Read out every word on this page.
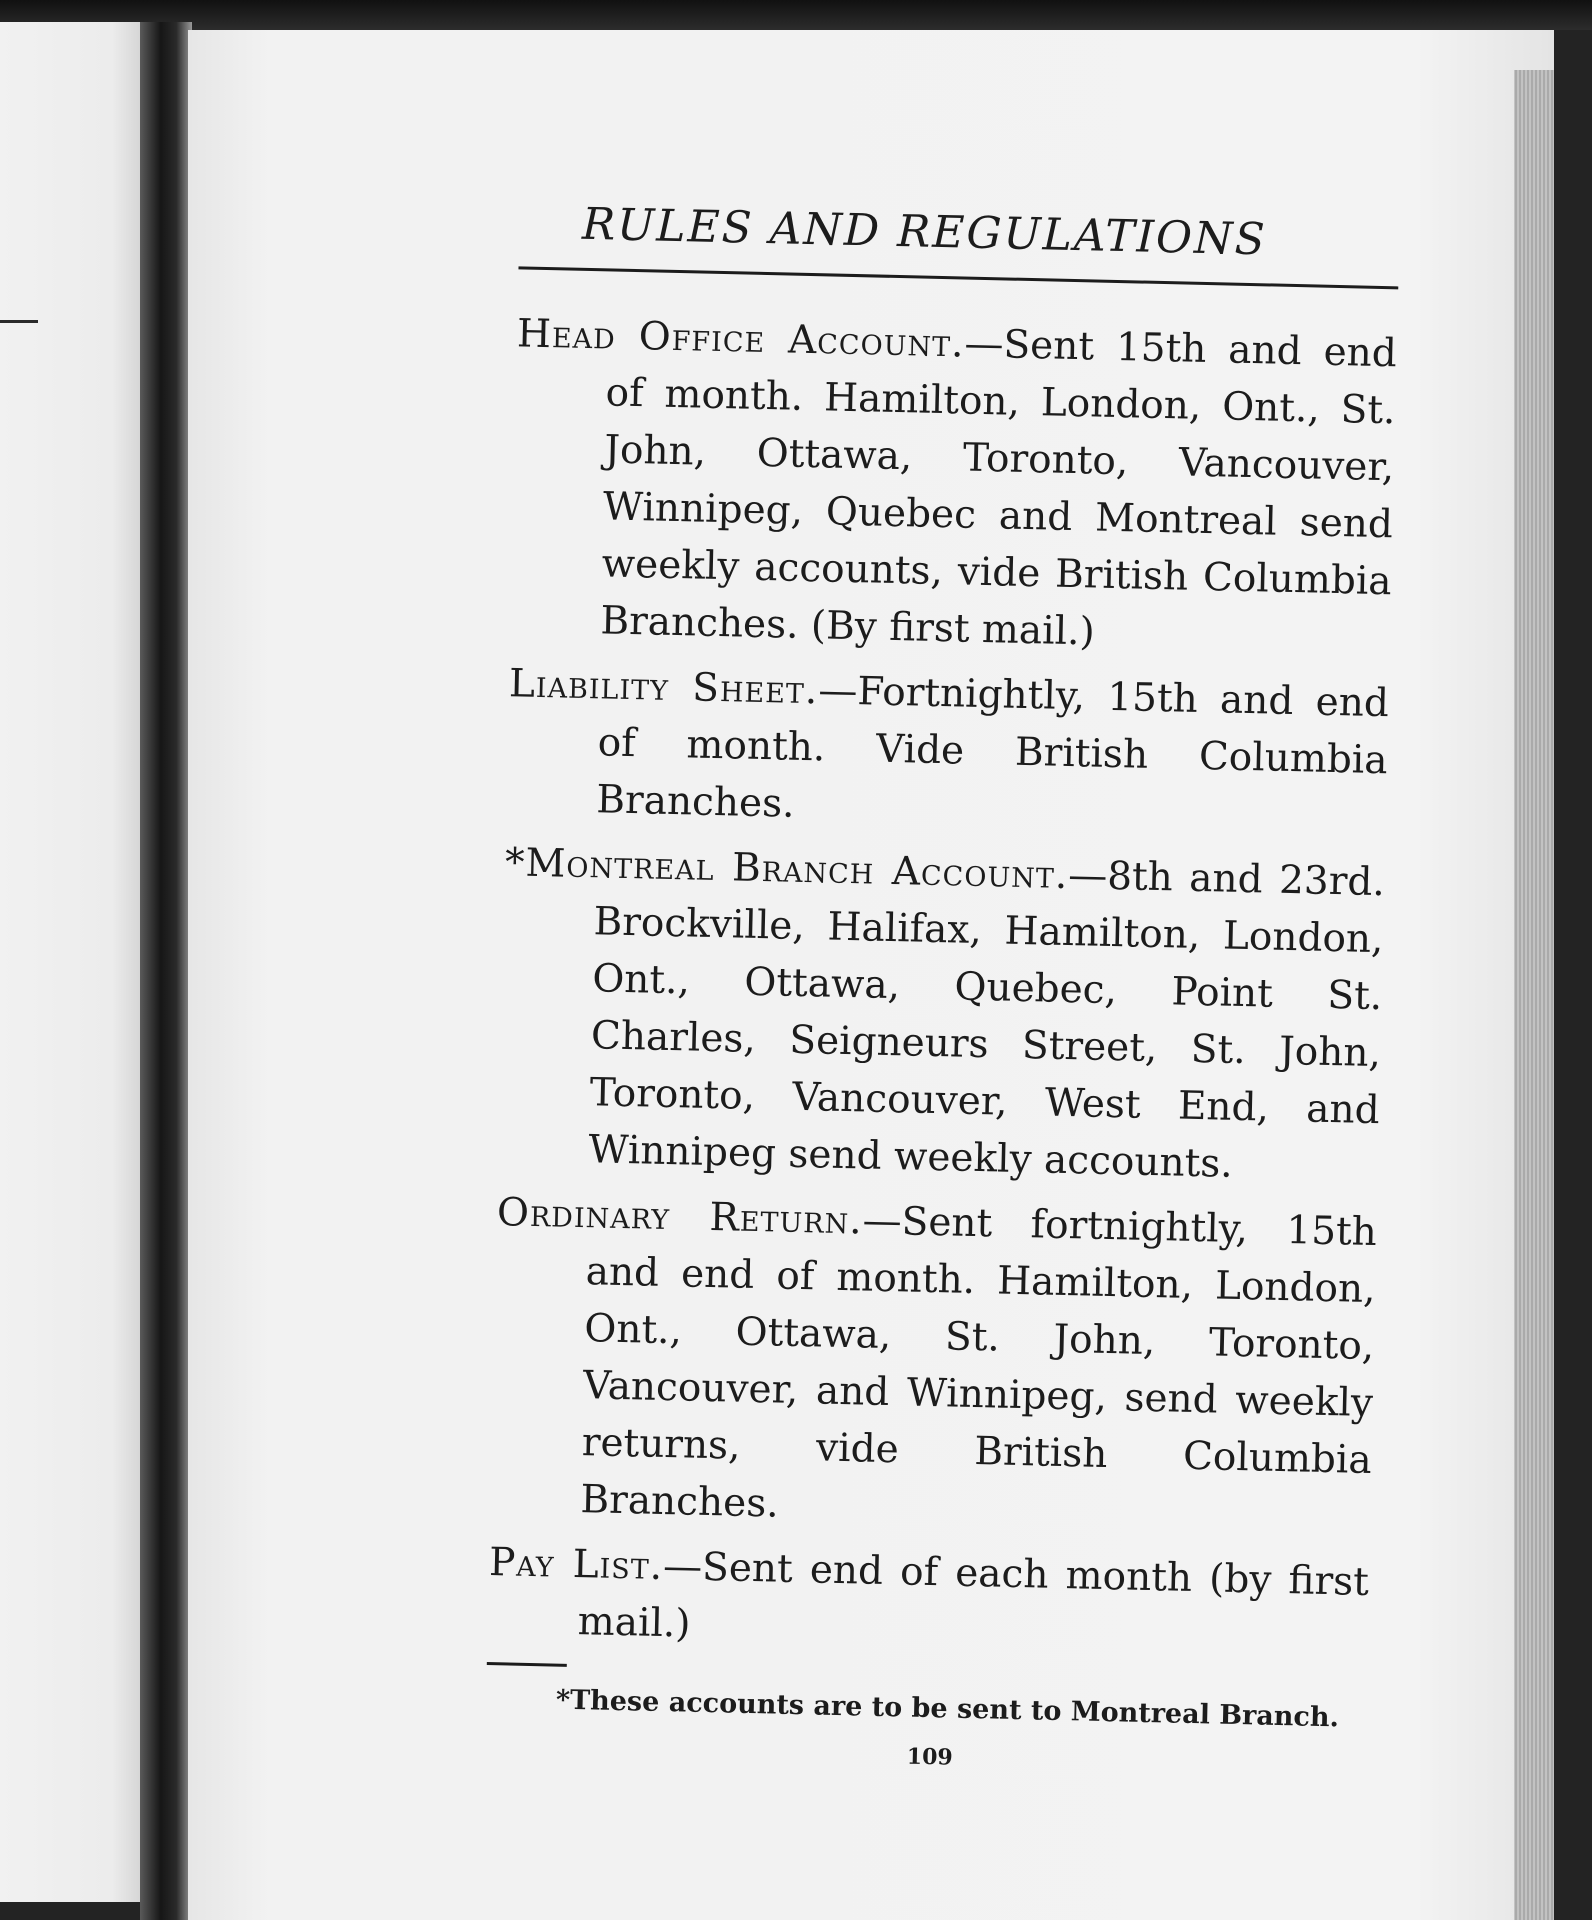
RULES AND REGULATIONS

Head Office Account.—Sent 15th and end of month. Hamilton, London, Ont., St. John, Ottawa, Toronto, Vancouver, Winnipeg, Quebec and Montreal send weekly accounts, vide British Columbia Branches. (By first mail.)

Liability Sheet.—Fortnightly, 15th and end of month. Vide British Columbia Branches.

*Montreal Branch Account.—8th and 23rd. Brockville, Halifax, Hamilton, London, Ont., Ottawa, Quebec, Point St. Charles, Seigneurs Street, St. John, Toronto, Vancouver, West End, and Winnipeg send weekly accounts.

Ordinary Return.—Sent fortnightly, 15th and end of month. Hamilton, London, Ont., Ottawa, St. John, Toronto, Vancouver, and Winnipeg, send weekly returns, vide British Columbia Branches.

Pay List.—Sent end of each month (by first mail.)

*These accounts are to be sent to Montreal Branch.
109
